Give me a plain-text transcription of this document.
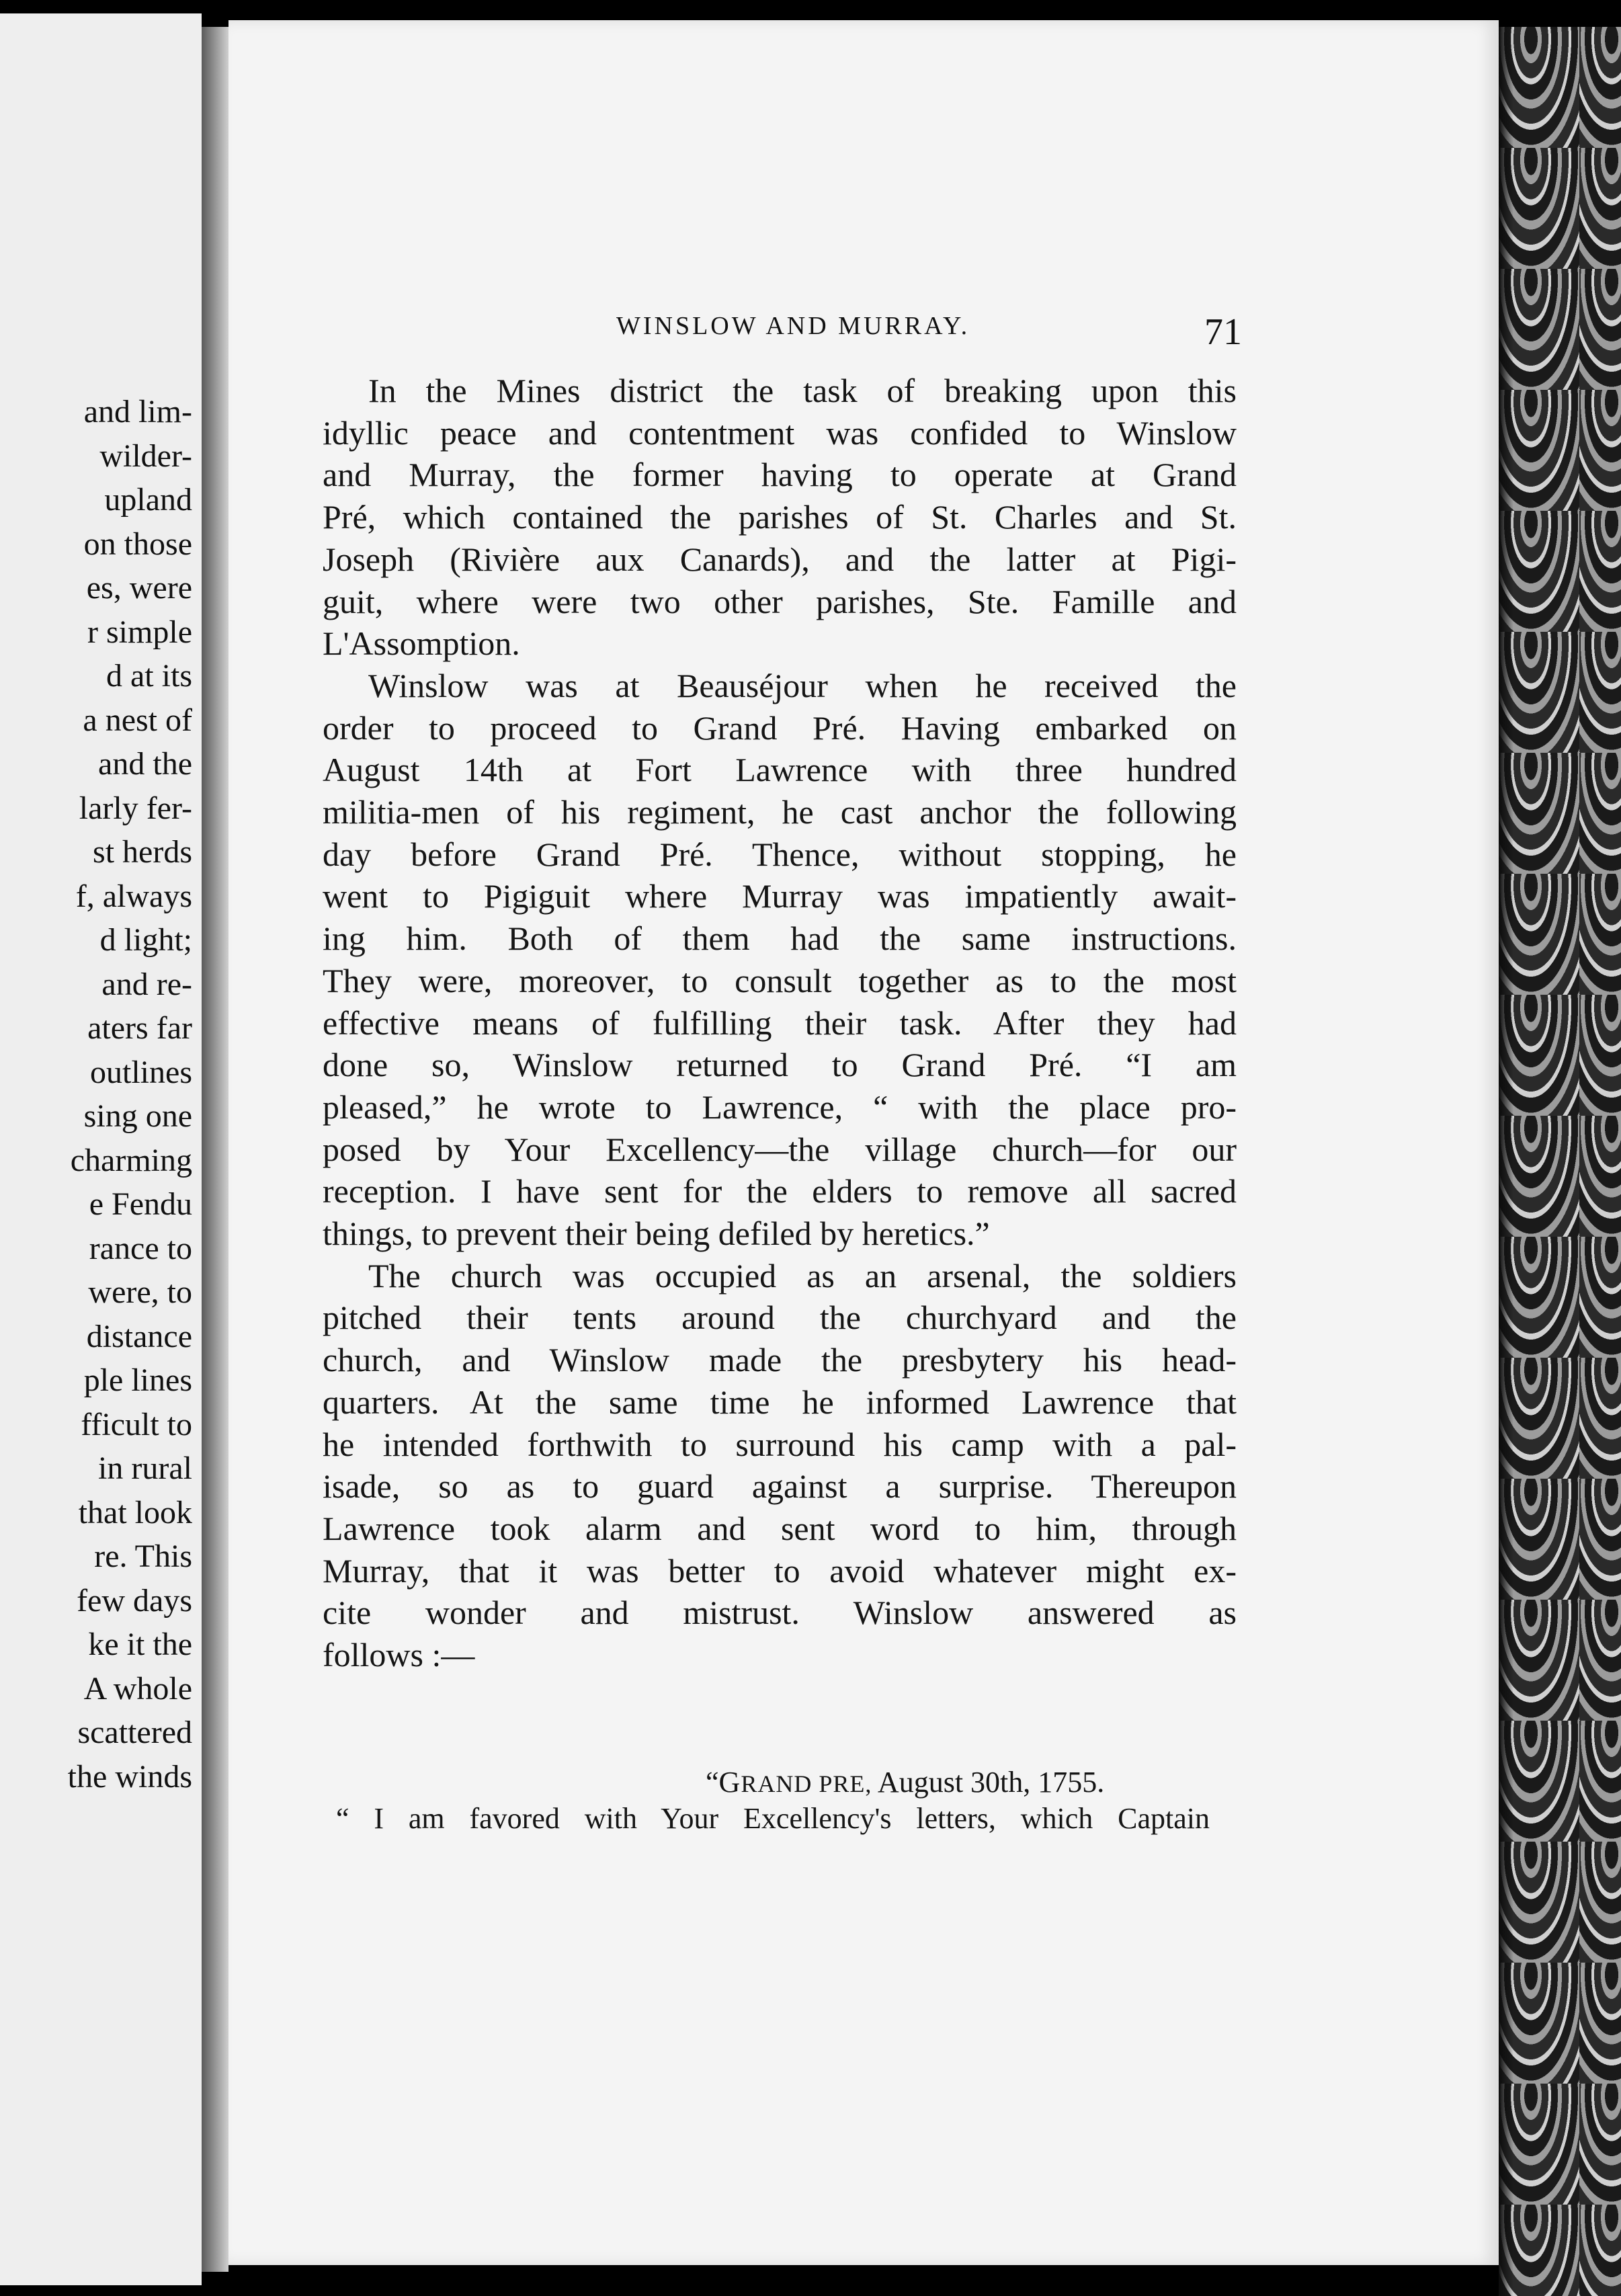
and lim-
wilder-
upland
on those
es, were
r simple
d at its
a nest of
and the
larly fer-
st herds
f, always
d light;
and re-
aters far
outlines
sing one
charming
e Fendu
rance to
were, to
distance
ple lines
fficult to
in rural
that look
re. This
few days
ke it the
A whole
scattered
the winds
WINSLOW AND MURRAY.	71
In the Mines district the task of breaking upon this
idyllic peace and contentment was confided to Winslow
and Murray, the former having to operate at Grand
Pré, which contained the parishes of St. Charles and St.
Joseph (Rivière aux Canards), and the latter at Pigi-
guit, where were two other parishes, Ste. Famille and
L'Assomption.
Winslow was at Beauséjour when he received the
order to proceed to Grand Pré. Having embarked on
August 14th at Fort Lawrence with three hundred
militia-men of his regiment, he cast anchor the following
day before Grand Pré. Thence, without stopping, he
went to Pigiguit where Murray was impatiently await-
ing him. Both of them had the same instructions.
They were, moreover, to consult together as to the most
effective means of fulfilling their task. After they had
done so, Winslow returned to Grand Pré. “I am
pleased,” he wrote to Lawrence, “ with the place pro-
posed by Your Excellency—the village church—for our
reception. I have sent for the elders to remove all sacred
things, to prevent their being defiled by heretics.”
The church was occupied as an arsenal, the soldiers
pitched their tents around the churchyard and the
church, and Winslow made the presbytery his head-
quarters. At the same time he informed Lawrence that
he intended forthwith to surround his camp with a pal-
isade, so as to guard against a surprise. Thereupon
Lawrence took alarm and sent word to him, through
Murray, that it was better to avoid whatever might ex-
cite wonder and mistrust. Winslow answered as
follows :—
“GRAND PRE, August 30th, 1755.
“ I am favored with Your Excellency's letters, which Captain
